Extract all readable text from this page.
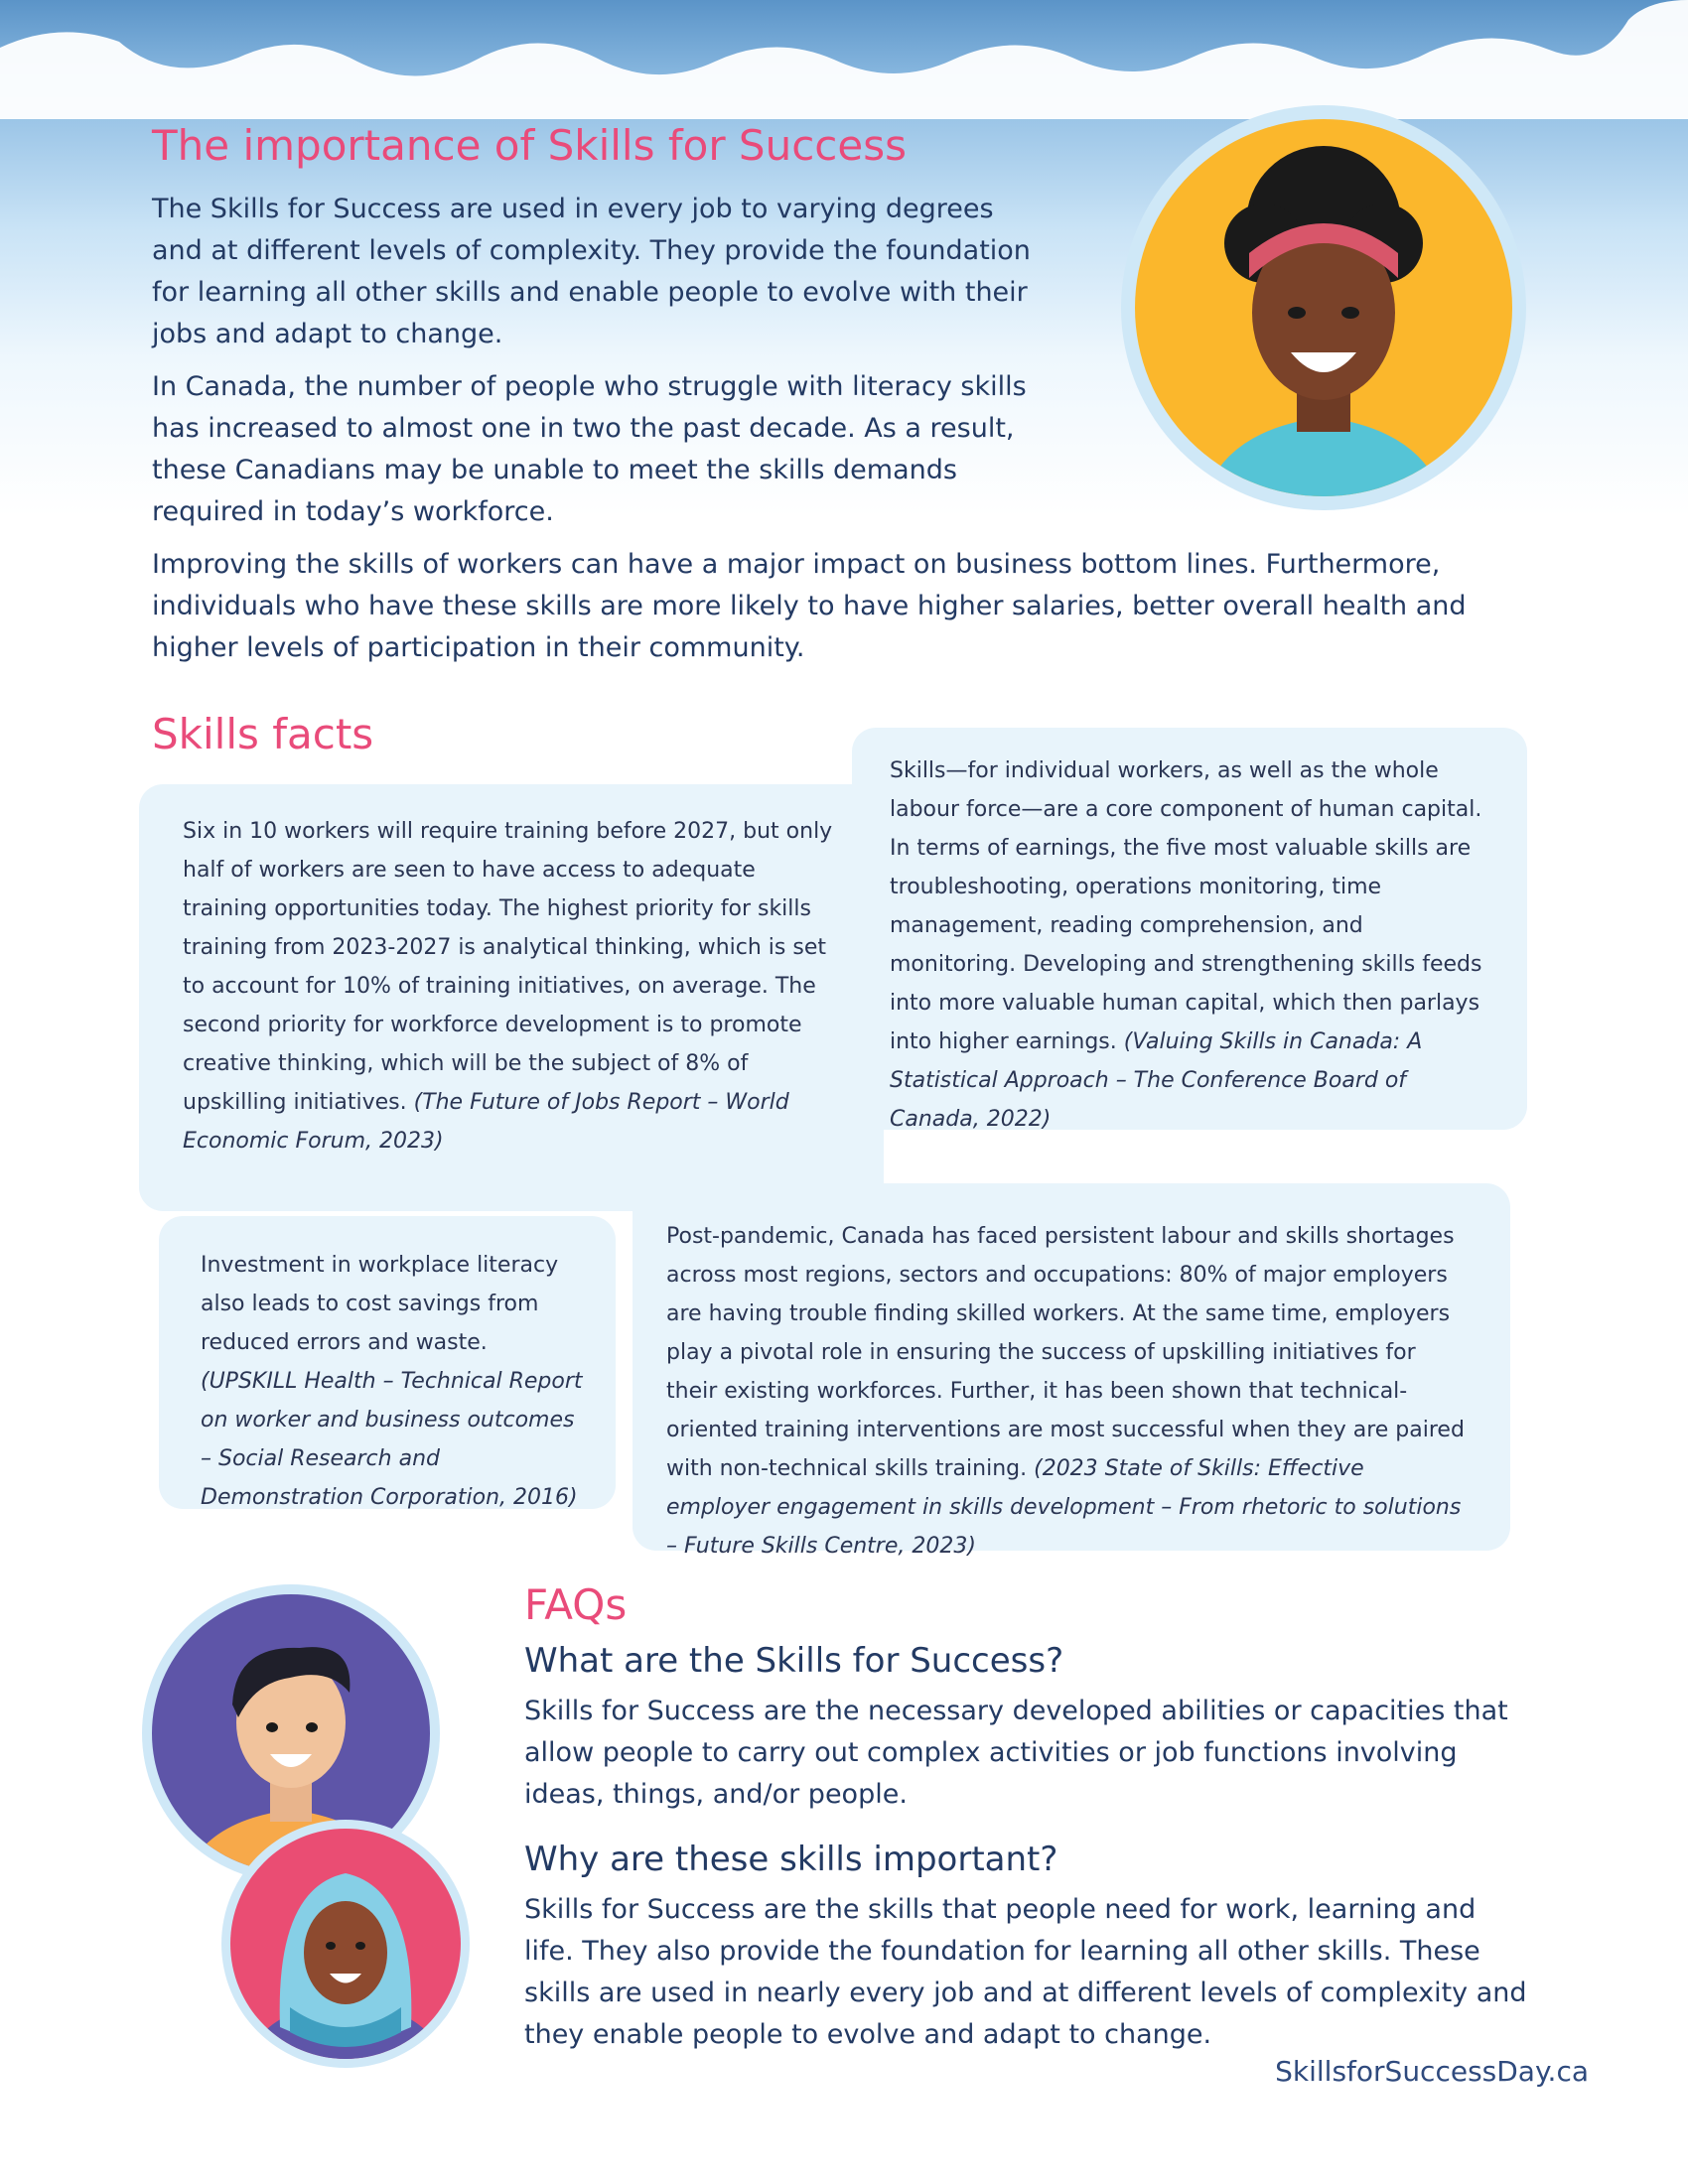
The importance of Skills for Success

The Skills for Success are used in every job to varying degrees and at different levels of complexity. They provide the foundation for learning all other skills and enable people to evolve with their jobs and adapt to change.

In Canada, the number of people who struggle with literacy skills has increased to almost one in two the past decade. As a result, these Canadians may be unable to meet the skills demands required in today’s workforce.

Improving the skills of workers can have a major impact on business bottom lines. Furthermore, individuals who have these skills are more likely to have higher salaries, better overall health and higher levels of participation in their community.

Skills facts

Six in 10 workers will require training before 2027, but only half of workers are seen to have access to adequate training opportunities today. The highest priority for skills training from 2023-2027 is analytical thinking, which is set to account for 10% of training initiatives, on average. The second priority for workforce development is to promote creative thinking, which will be the subject of 8% of upskilling initiatives. (The Future of Jobs Report – World Economic Forum, 2023)

Skills—for individual workers, as well as the whole labour force—are a core component of human capital. In terms of earnings, the five most valuable skills are troubleshooting, operations monitoring, time management, reading comprehension, and monitoring. Developing and strengthening skills feeds into more valuable human capital, which then parlays into higher earnings. (Valuing Skills in Canada: A Statistical Approach – The Conference Board of Canada, 2022)

Investment in workplace literacy also leads to cost savings from reduced errors and waste. (UPSKILL Health – Technical Report on worker and business outcomes – Social Research and Demonstration Corporation, 2016)

Post-pandemic, Canada has faced persistent labour and skills shortages across most regions, sectors and occupations: 80% of major employers are having trouble finding skilled workers. At the same time, employers play a pivotal role in ensuring the success of upskilling initiatives for their existing workforces. Further, it has been shown that technical-oriented training interventions are most successful when they are paired with non-technical skills training. (2023 State of Skills: Effective employer engagement in skills development – From rhetoric to solutions – Future Skills Centre, 2023)

FAQs
What are the Skills for Success?

Skills for Success are the necessary developed abilities or capacities that allow people to carry out complex activities or job functions involving ideas, things, and/or people.

Why are these skills important?

Skills for Success are the skills that people need for work, learning and life. They also provide the foundation for learning all other skills. These skills are used in nearly every job and at different levels of complexity and they enable people to evolve and adapt to change.

SkillsforSuccessDay.ca
